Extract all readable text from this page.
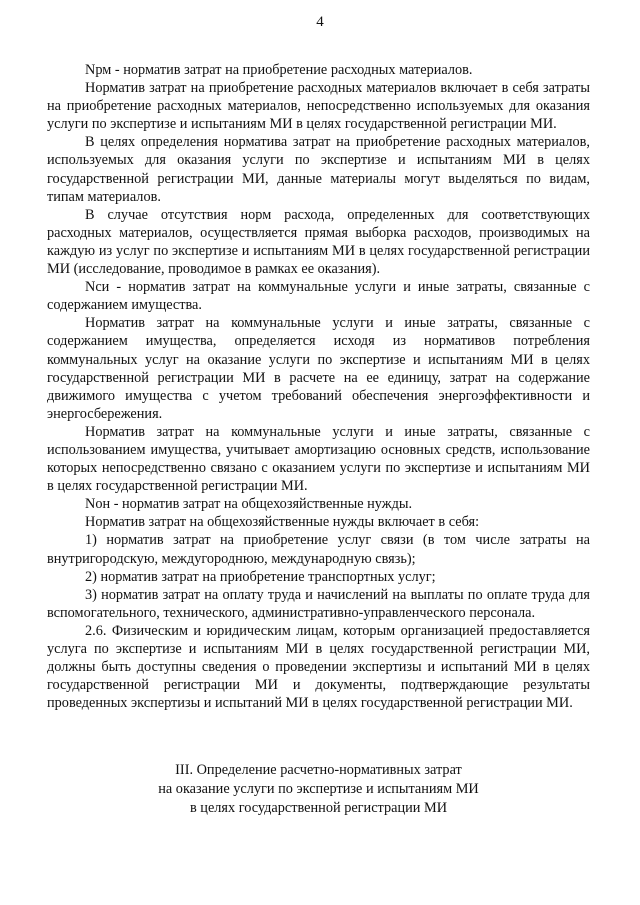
4

Nрм - норматив затрат на приобретение расходных материалов.

Норматив затрат на приобретение расходных материалов включает в себя затраты на приобретение расходных материалов, непосредственно используемых для оказания услуги по экспертизе и испытаниям МИ в целях государственной регистрации МИ.

В целях определения норматива затрат на приобретение расходных материалов, используемых для оказания услуги по экспертизе и испытаниям МИ в целях государственной регистрации МИ, данные материалы могут выделяться по видам, типам материалов.

В случае отсутствия норм расхода, определенных для соответствующих расходных материалов, осуществляется прямая выборка расходов, производимых на каждую из услуг по экспертизе и испытаниям МИ в целях государственной регистрации МИ (исследование, проводимое в рамках ее оказания).

Nси - норматив затрат на коммунальные услуги и иные затраты, связанные с содержанием имущества.

Норматив затрат на коммунальные услуги и иные затраты, связанные с содержанием имущества, определяется исходя из нормативов потребления коммунальных услуг на оказание услуги по экспертизе и испытаниям МИ в целях государственной регистрации МИ в расчете на ее единицу, затрат на содержание движимого имущества с учетом требований обеспечения энергоэффективности и энергосбережения.

Норматив затрат на коммунальные услуги и иные затраты, связанные с использованием имущества, учитывает амортизацию основных средств, использование которых непосредственно связано с оказанием услуги по экспертизе и испытаниям МИ в целях государственной регистрации МИ.

Nон - норматив затрат на общехозяйственные нужды.

Норматив затрат на общехозяйственные нужды включает в себя:

1) норматив затрат на приобретение услуг связи (в том числе затраты на внутригородскую, междугороднюю, международную связь);

2) норматив затрат на приобретение транспортных услуг;

3) норматив затрат на оплату труда и начислений на выплаты по оплате труда для вспомогательного, технического, административно-управленческого персонала.

2.6. Физическим и юридическим лицам, которым организацией предоставляется услуга по экспертизе и испытаниям МИ в целях государственной регистрации МИ, должны быть доступны сведения о проведении экспертизы и испытаний МИ в целях государственной регистрации МИ и документы, подтверждающие результаты проведенных экспертизы и испытаний МИ в целях государственной регистрации МИ.

III. Определение расчетно-нормативных затрат
на оказание услуги по экспертизе и испытаниям МИ
в целях государственной регистрации МИ
